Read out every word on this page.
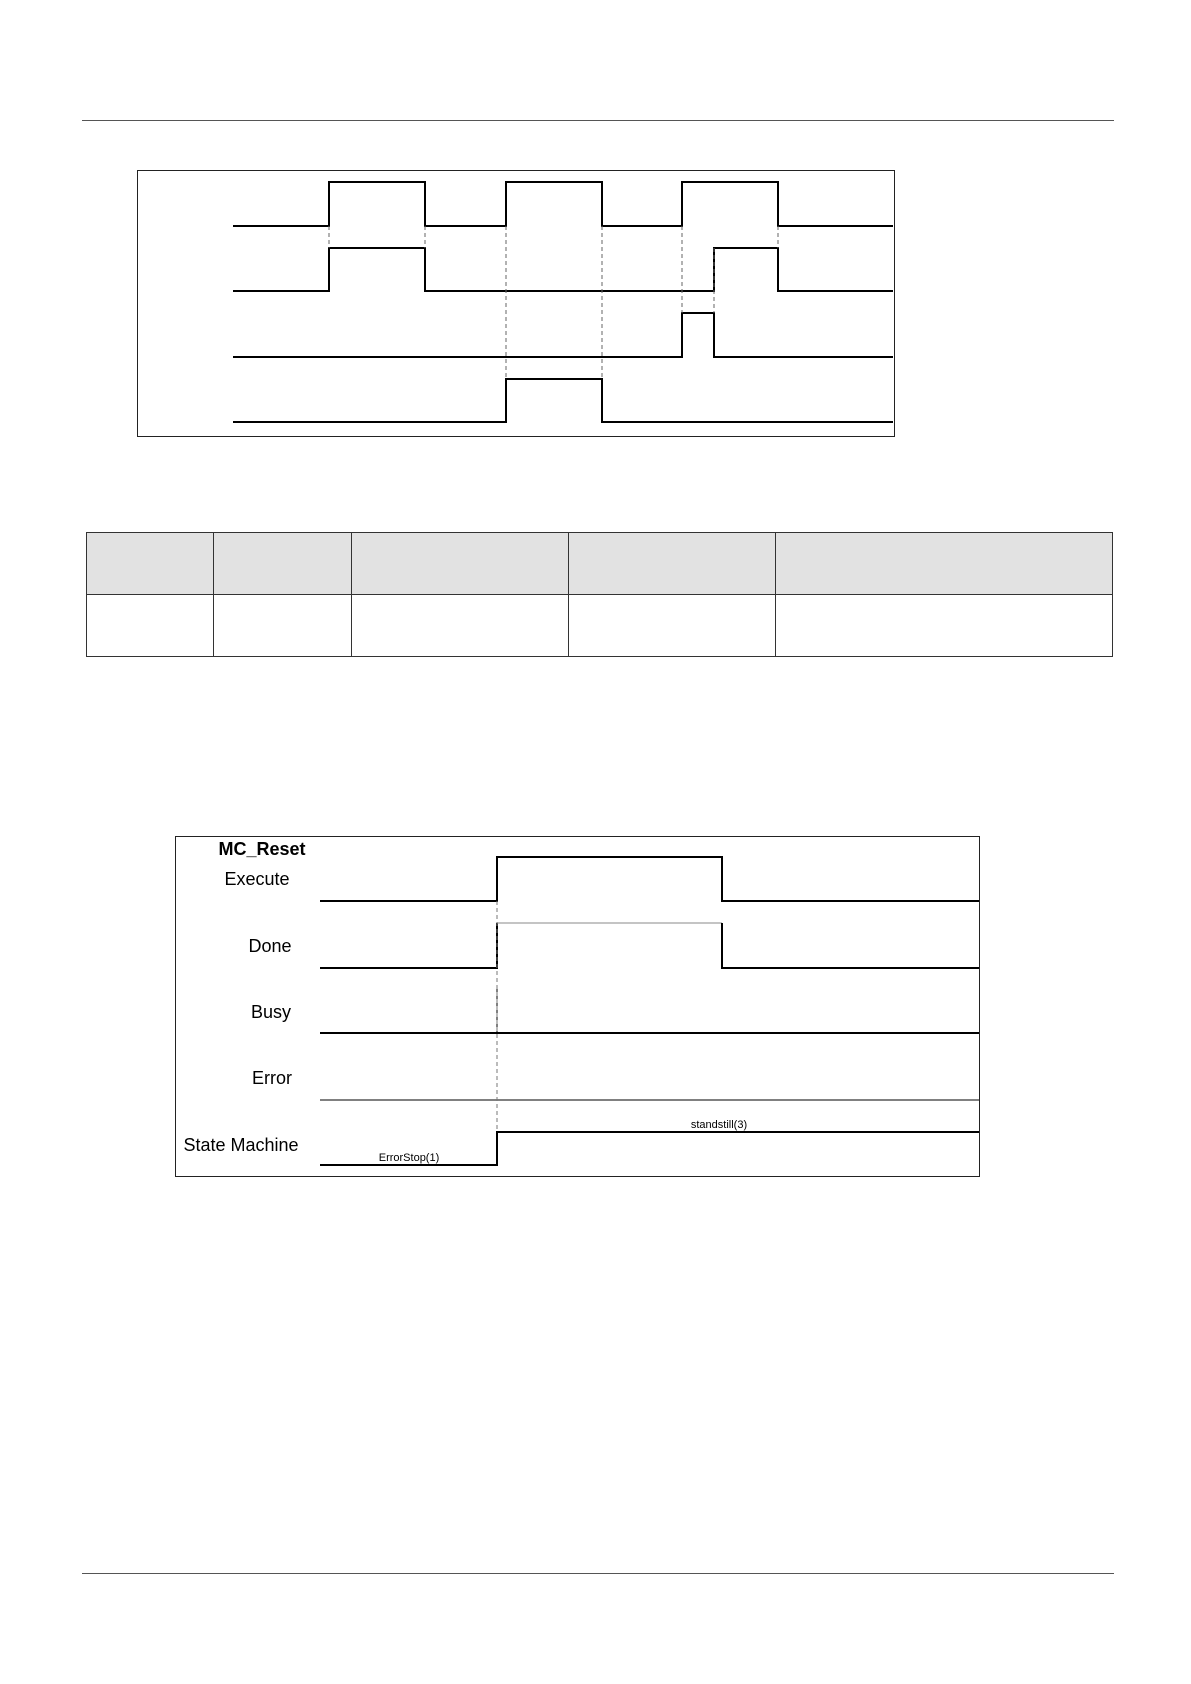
MC_Reset
Execute
Done
Busy
Error
State Machine
ErrorStop(1)
standstill(3)
